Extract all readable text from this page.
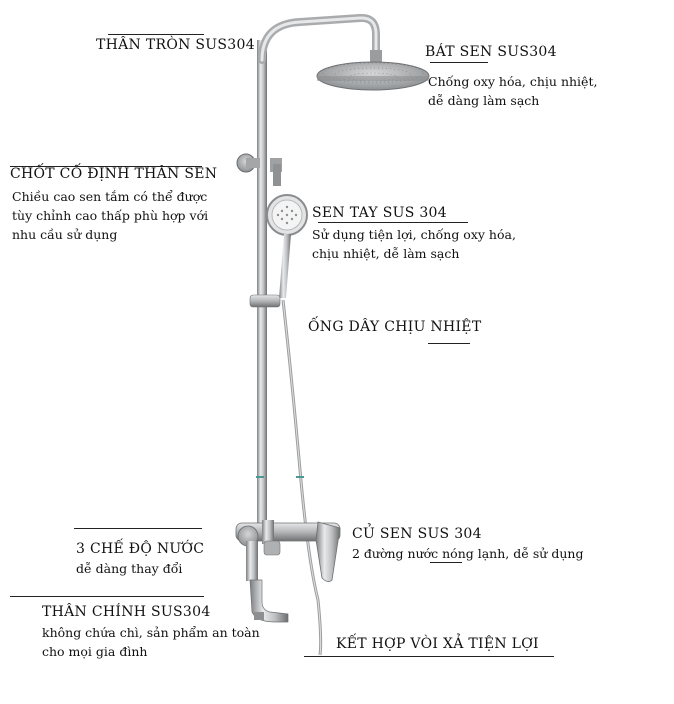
THÂN TRÒN SUS304	BÁT SEN SUS304
Chống oxy hóa, chịu nhiệt,
dễ dàng làm sạch
CHỐT CỐ ĐỊNH THÂN SEN
Chiều cao sen tắm có thể được
tùy chỉnh cao thấp phù hợp với
nhu cầu sử dụng
SEN TAY SUS 304
Sử dụng tiện lợi, chống oxy hóa,
chịu nhiệt, dễ làm sạch
ỐNG DÂY CHỊU NHIỆT
CỦ SEN SUS 304
2 đường nước nóng lạnh, dễ sử dụng
3 CHẾ ĐỘ NƯỚC
dễ dàng thay đổi
THÂN CHÍNH SUS304
không chứa chì, sản phẩm an toàn
cho mọi gia đình	KẾT HỢP VÒI XẢ TIỆN LỢI
